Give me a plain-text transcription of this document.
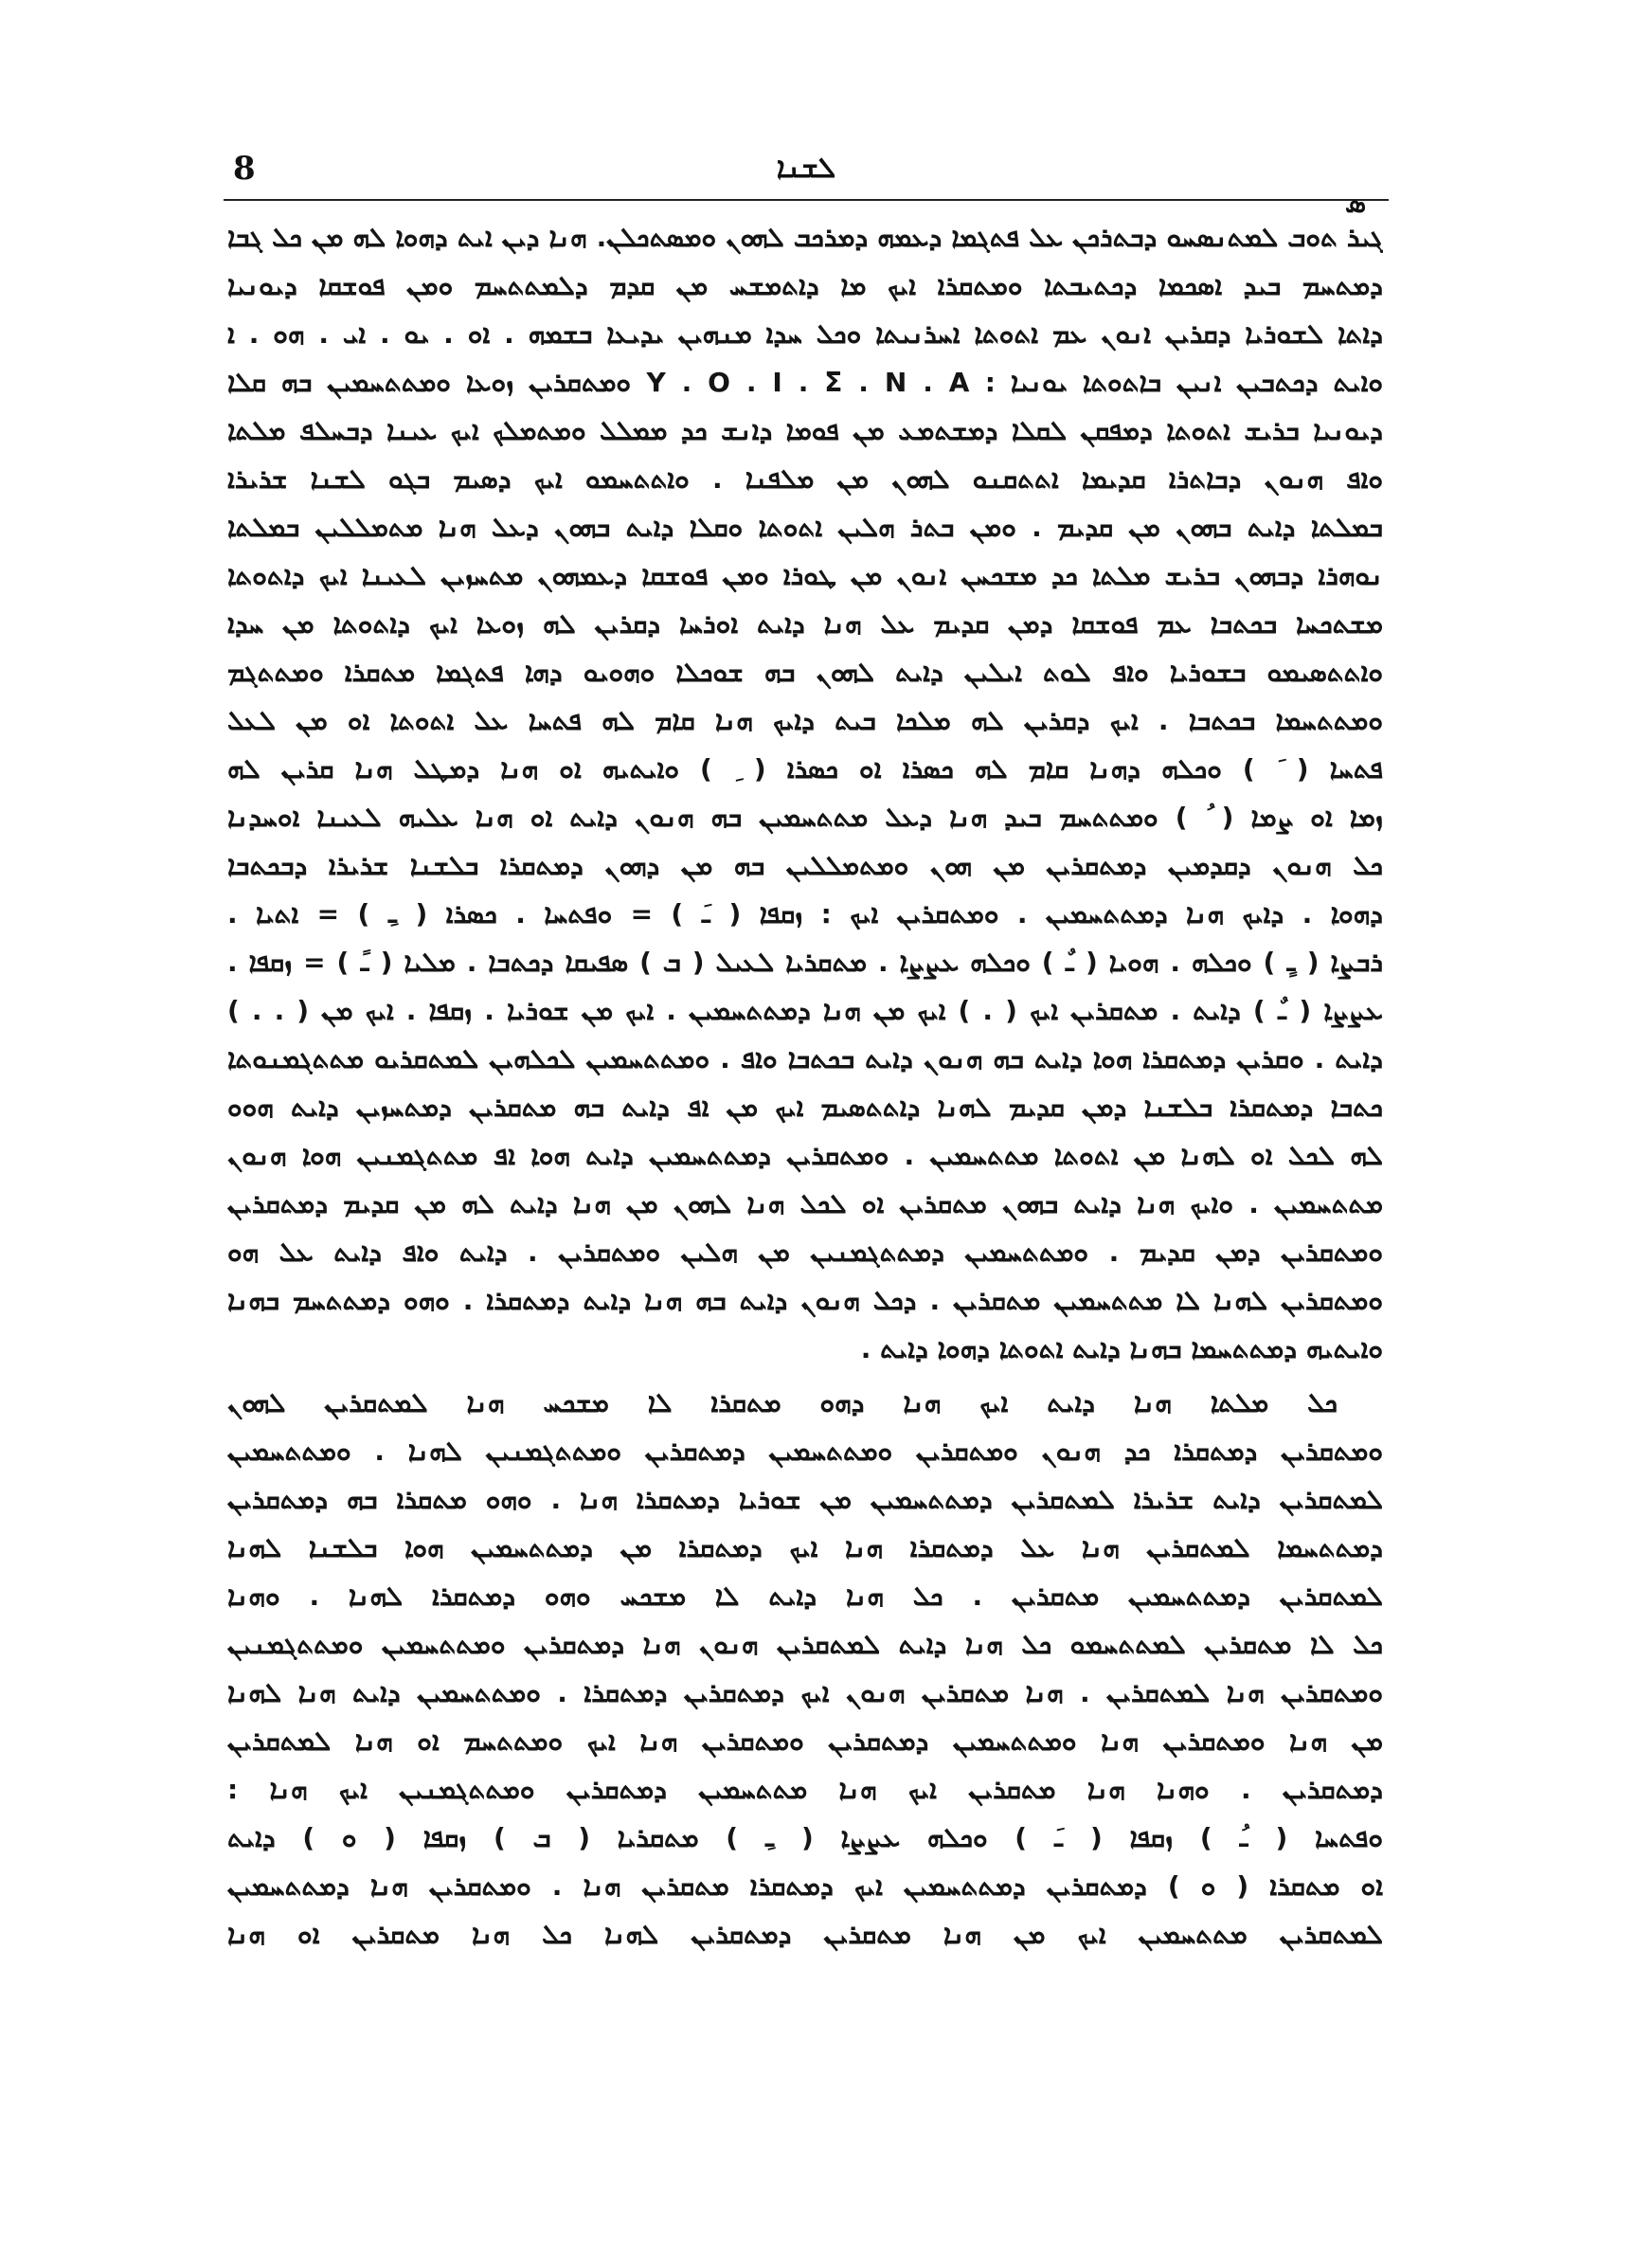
8	ܠܫܢܐ
ܣ
ܓܝܪ ܬܘܒ ܠܡܬܢܣܚܘ ܕܒܬܪܟܢ ܥܠ ܦܬܓܡܐ ܕܥܡܗ ܕܡܪܟܒ ܠܗܘܢ ܘܡܣܬܟܠܢ. ܗܢܐ ܕܝܢ ܐܝܬ ܕܗܘܐ ܠܗ ܡܢ ܟܠ ܓܒܐ
ܕܡܬܚܡ ܒܝܕ ܐܣܟܡܐ ܕܟܬܝܒܬܐ ܘܡܬܩܪܐ ܐܝܟ ܡܐ ܕܐܬܡܫܚ ܡܢ ܩܕܡ ܕܠܡܬܬܚܡ ܘܡܢ ܦܘܫܩܐ ܕܝܘܢܝܐ
ܕܐܬܐ ܠܫܘܪܝܐ ܕܩܪܝܢ ܐܢܘܢ ܥܡ ܐܬܘܬܐ ܐܚܪܢܝܬܐ ܘܟܠ ܚܕܐ ܡܢܗܝܢ ܝܕܝܥܐ ܒܫܡܗ . ܐܘ . ܝܘ . ܐܝ . ܗܘ . ܐ
ܘܐܝܬ ܕܟܬܒܝܢ ܐܢܝܢ ܒܐܬܘܬܐ ܝܘܢܝܐ : Y . O . I . Σ . N . A ܘܡܬܩܪܝܢ ܙܘܥܐ ܘܡܬܬܚܡܝܢ ܒܗ ܩܠܐ
ܕܝܘܢܝܐ ܒܪܝܫ ܐܬܘܬܐ ܕܡܦܩܢ ܠܩܠܐ ܕܡܫܬܡܥ ܡܢ ܦܘܡܐ ܕܐܢܫ ܟܕ ܡܡܠܠ ܘܡܬܡܠܟ ܐܝܟ ܥܝܢܐ ܕܒܚܠܦ ܡܠܬܐ
ܘܐܦ ܗܢܘܢ ܕܒܐܬܪܐ ܩܕܝܡܐ ܐܬܬܩܢܘ ܠܗܘܢ ܡܢ ܡܠܦܢܐ . ܘܐܬܬܚܡܘ ܐܝܟ ܕܣܝܡ ܒܓܘ ܠܫܢܐ ܫܪܝܪܐ
ܒܡܠܬܐ ܕܐܝܬ ܒܗܘܢ ܡܢ ܩܕܝܡ . ܘܡܢ ܒܬܪ ܗܠܝܢ ܐܬܘܬܐ ܘܩܠܐ ܕܐܝܬ ܒܗܘܢ ܕܥܠ ܗܢܐ ܡܬܡܠܠܝܢ ܒܡܠܬܐ
ܢܘܗܪܐ ܕܒܗܘܢ ܒܪܝܫ ܡܠܬܐ ܟܕ ܡܫܟܚܢ ܐܢܘܢ ܡܢ ܛܘܪܐ ܘܡܢ ܦܘܫܩܐ ܕܥܡܗܘܢ ܡܬܚܙܝܢ ܠܥܝܢܐ ܐܝܟ ܕܐܬܘܬܐ
ܡܫܬܟܚܐ ܒܟܬܒܐ ܥܡ ܦܘܫܩܐ ܕܡܢ ܩܕܝܡ ܥܠ ܗܢܐ ܕܐܝܬ ܐܘܪܚܐ ܕܩܪܝܢ ܠܗ ܙܘܥܐ ܐܝܟ ܕܐܬܘܬܐ ܡܢ ܚܕܐ
ܘܐܬܬܣܝܡܘ ܒܫܘܪܝܐ ܘܐܦ ܠܘܬ ܐܝܠܝܢ ܕܐܝܬ ܠܗܘܢ ܒܗ ܫܘܟܠܐ ܘܗܘܝܘ ܕܗܐ ܦܬܓܡܐ ܡܬܩܪܐ ܘܡܬܬܓܡ
ܘܡܬܬܚܡܐ ܒܟܬܒܐ . ܐܝܟ ܕܩܪܝܢ ܠܗ ܡܠܟܐ ܒܝܬ ܕܐܝܟ ܗܢܐ ܩܐܡ ܠܗ ܦܬܚܐ ܥܠ ܐܬܘܬܐ ܐܘ ܡܢ ܠܥܠ
ܦܬܚܐ ( َ ) ܘܟܠܗ ܕܗܢܐ ܩܐܡ ܠܗ ܟܣܪܐ ܐܘ ܟܣܪܐ ( ِ ) ܘܐܝܬܝܗ ܐܘ ܗܢܐ ܕܡܛܠ ܗܢܐ ܩܪܝܢ ܠܗ
ܙܡܐ ܐܘ ܨܡܐ ( ُ ) ܘܡܬܬܚܡ ܒܝܕ ܗܢܐ ܕܥܠ ܡܬܬܚܡܝܢ ܒܗ ܗܢܘܢ ܕܐܝܬ ܐܘ ܗܢܐ ܥܠܝܗ ܠܥܝܢܐ ܐܘܚܕܢܐ
ܟܠ ܗܢܘܢ ܕܩܕܡܝܢ ܕܡܬܩܪܝܢ ܡܢ ܗܘܢ ܘܡܬܡܠܠܝܢ ܒܗ ܡܢ ܕܗܘܢ ܕܡܬܩܪܐ ܒܠܫܢܐ ܫܪܝܪܐ ܕܒܟܬܒܐ
ܕܗܘܐ . ܕܐܝܟ ܗܢܐ ܕܡܬܬܚܡܝܢ . ܘܡܬܩܪܝܢ ܐܝܟ : ܙܩܦܐ ( ـَ ) = ܘܦܬܚܐ . ܟܣܪܐ ( ـِ ) = ܐܬܝܐ .
ܪܒܨܐ ( ـٍ ) ܘܟܠܗ . ܗܘܝܐ ( ـٌ ) ܘܟܠܗ ܥܨܨܐ . ܡܬܩܪܝܐ ܠܥܝܠ ( ܒ ) ܣܦܝܩܐ ܕܟܬܒܐ . ܡܠܝܐ ( ـً ) = ܙܩܦܐ .
ܥܨܨܐ ( ـٌ ) ܕܐܝܬ . ܡܬܩܪܝܢ ܐܝܟ ( . ) ܐܝܟ ܡܢ ܗܢܐ ܕܡܬܬܚܡܝܢ . ܐܝܟ ܡܢ ܫܘܪܝܐ . ܙܩܦܐ . ܐܝܟ ܡܢ ( . . )
ܕܐܝܬ . ܘܩܪܝܢ ܕܡܬܩܪܐ ܗܘܐ ܕܐܝܬ ܒܗ ܗܢܘܢ ܕܐܝܬ ܒܟܬܒܐ ܘܐܦ . ܘܡܬܬܚܡܝܢ ܠܟܠܗܝܢ ܠܡܬܩܪܝܘ ܡܬܬܓܡܢܘܬܐ
ܟܬܒܐ ܕܡܬܩܪܐ ܒܠܫܢܐ ܕܡܢ ܩܕܝܡ ܠܗܢܐ ܕܐܬܬܣܝܡ ܐܝܟ ܡܢ ܐܦ ܕܐܝܬ ܒܗ ܡܬܩܪܝܢ ܕܡܬܚܙܝܢ ܕܐܝܬ ܗܘܘ
ܠܗ ܠܟܠ ܐܘ ܠܗܢܐ ܡܢ ܐܬܘܬܐ ܡܬܬܚܡܝܢ . ܘܡܬܩܪܝܢ ܕܡܬܬܚܡܝܢ ܕܐܝܬ ܗܘܐ ܐܦ ܡܬܬܓܡܢܝܢ ܗܘܐ ܗܢܘܢ
ܡܬܬܚܡܝܢ . ܘܐܝܟ ܗܢܐ ܕܐܝܬ ܒܗܘܢ ܡܬܩܪܝܢ ܐܘ ܠܟܠ ܗܢܐ ܠܗܘܢ ܡܢ ܗܢܐ ܕܐܝܬ ܠܗ ܡܢ ܩܕܝܡ ܕܡܬܩܪܝܢ
ܘܡܬܩܪܝܢ ܕܡܢ ܩܕܝܡ . ܘܡܬܬܚܡܝܢ ܕܡܬܬܓܡܢܝܢ ܡܢ ܗܠܝܢ ܘܡܬܩܪܝܢ . ܕܐܝܬ ܘܐܦ ܕܐܝܬ ܥܠ ܗܘ
ܘܡܬܩܪܝܢ ܠܗܢܐ ܠܐ ܡܬܬܚܡܝܢ ܡܬܩܪܝܢ . ܕܟܠ ܗܢܘܢ ܕܐܝܬ ܒܗ ܗܢܐ ܕܐܝܬ ܕܡܬܩܪܐ . ܘܗܘ ܕܡܬܬܚܡ ܒܗܢܐ
ܘܐܝܬܝܗ ܕܡܬܬܚܡܐ ܒܗܢܐ ܕܐܝܬ ܐܬܘܬܐ ܕܗܘܐ ܕܐܝܬ .
ܟܠ ܡܠܬܐ ܗܢܐ ܕܐܝܬ ܐܝܟ ܗܢܐ ܕܗܘ ܡܬܩܪܐ ܠܐ ܡܫܟܚ ܗܢܐ ܠܡܬܩܪܝܢ ܠܗܘܢ
ܘܡܬܩܪܝܢ ܕܡܬܩܪܐ ܟܕ ܗܢܘܢ ܘܡܬܩܪܝܢ ܘܡܬܬܚܡܝܢ ܕܡܬܩܪܝܢ ܘܡܬܬܓܡܢܝܢ ܠܗܢܐ . ܘܡܬܬܚܡܝܢ
ܠܡܬܩܪܝܢ ܕܐܝܬ ܫܪܝܪܐ ܠܡܬܩܪܝܢ ܕܡܬܬܚܡܝܢ ܡܢ ܫܘܪܝܐ ܕܡܬܩܪܐ ܗܢܐ . ܘܗܘ ܡܬܩܪܐ ܒܗ ܕܡܬܩܪܝܢ
ܕܡܬܬܚܡܐ ܠܡܬܩܪܝܢ ܗܢܐ ܥܠ ܕܡܬܩܪܐ ܗܢܐ ܐܝܟ ܕܡܬܩܪܐ ܡܢ ܕܡܬܬܚܡܝܢ ܗܘܐ ܒܠܫܢܐ ܠܗܢܐ
ܠܡܬܩܪܝܢ ܕܡܬܬܚܡܝܢ ܡܬܩܪܝܢ . ܟܠ ܗܢܐ ܕܐܝܬ ܠܐ ܡܫܟܚ ܘܗܘ ܕܡܬܩܪܐ ܠܗܢܐ . ܘܗܢܐ
ܟܠ ܠܐ ܡܬܩܪܝܢ ܠܡܬܬܚܡܘ ܟܠ ܗܢܐ ܕܐܝܬ ܠܡܬܩܪܝܢ ܗܢܘܢ ܗܢܐ ܕܡܬܩܪܝܢ ܘܡܬܬܚܡܝܢ ܘܡܬܬܓܡܢܝܢ
ܘܡܬܩܪܝܢ ܗܢܐ ܠܡܬܩܪܝܢ . ܗܢܐ ܡܬܩܪܝܢ ܗܢܘܢ ܐܝܟ ܕܡܬܩܪܝܢ ܕܡܬܩܪܐ . ܘܡܬܬܚܡܝܢ ܕܐܝܬ ܗܢܐ ܠܗܢܐ
ܡܢ ܗܢܐ ܘܡܬܩܪܝܢ ܗܢܐ ܘܡܬܬܚܡܝܢ ܕܡܬܩܪܝܢ ܘܡܬܩܪܝܢ ܗܢܐ ܐܝܟ ܘܡܬܬܚܡ ܐܘ ܗܢܐ ܠܡܬܩܪܝܢ
ܕܡܬܩܪܝܢ . ܘܗܢܐ ܗܢܐ ܡܬܩܪܝܢ ܐܝܟ ܗܢܐ ܡܬܬܚܡܝܢ ܕܡܬܩܪܝܢ ܘܡܬܬܓܡܢܝܢ ܐܝܟ ܗܢܐ :
ܘܦܬܚܐ ( ـُ ) ܙܩܦܐ ( ـَ ) ܘܟܠܗ ܥܨܨܐ ( ـِ ) ܡܬܩܪܝܐ ( ܒ ) ܙܩܦܐ ( ܘ ) ܕܐܝܬ
ܐܘ ܡܬܩܪܐ ( ܘ ) ܕܡܬܩܪܝܢ ܕܡܬܬܚܡܝܢ ܐܝܟ ܕܡܬܩܪܐ ܡܬܩܪܝܢ ܗܢܐ . ܘܡܬܩܪܝܢ ܗܢܐ ܕܡܬܬܚܡܝܢ
ܠܡܬܩܪܝܢ ܡܬܬܚܡܝܢ ܐܝܟ ܡܢ ܗܢܐ ܡܬܩܪܝܢ ܕܡܬܩܪܝܢ ܠܗܢܐ ܟܠ ܗܢܐ ܡܬܩܪܝܢ ܐܘ ܗܢܐ
